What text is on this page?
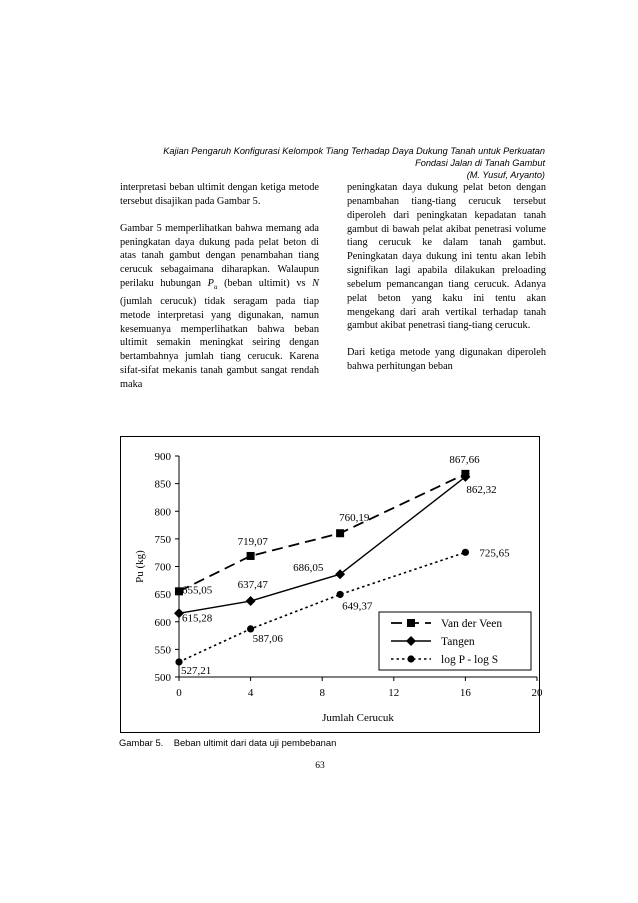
Kajian Pengaruh Konfigurasi Kelompok Tiang Terhadap Daya Dukung Tanah untuk Perkuatan
Fondasi Jalan di Tanah Gambut
(M. Yusuf, Aryanto)

interpretasi beban ultimit dengan ketiga metode tersebut disajikan pada Gambar 5.

Gambar 5 memperlihatkan bahwa memang ada peningkatan daya dukung pada pelat beton di atas tanah gambut dengan penambahan tiang cerucuk sebagaimana diharapkan. Walaupun perilaku hubungan $P_u$ (beban ultimit) vs N (jumlah cerucuk) tidak seragam pada tiap metode interpretasi yang digunakan, namun kesemuanya memperlihatkan bahwa beban ultimit semakin meningkat seiring dengan bertambahnya jumlah tiang cerucuk. Karena sifat-sifat mekanis tanah gambut sangat rendah maka

peningkatan daya dukung pelat beton dengan penambahan tiang-tiang cerucuk tersebut diperoleh dari peningkatan kepadatan tanah gambut di bawah pelat akibat penetrasi volume tiang cerucuk ke dalam tanah gambut. Peningkatan daya dukung ini tentu akan lebih signifikan lagi apabila dilakukan preloading sebelum pemancangan tiang cerucuk. Adanya pelat beton yang kaku ini tentu akan mengekang dari arah vertikal terhadap tanah gambut akibat penetrasi tiang-tiang cerucuk.

Dari ketiga metode yang digunakan diperoleh bahwa perhitungan beban

500
550
600
650
700
750
800
850
900
0	4	8	12	16	20
Jumlah Cerucuk
Pu (kg)
655,05
719,07
760,19
867,66
615,28
637,47
686,05
862,32
527,21
587,06
649,37
725,65
Van der Veen
Tangen
log P - log S
Gambar 5. Beban ultimit dari data uji pembebanan
63
